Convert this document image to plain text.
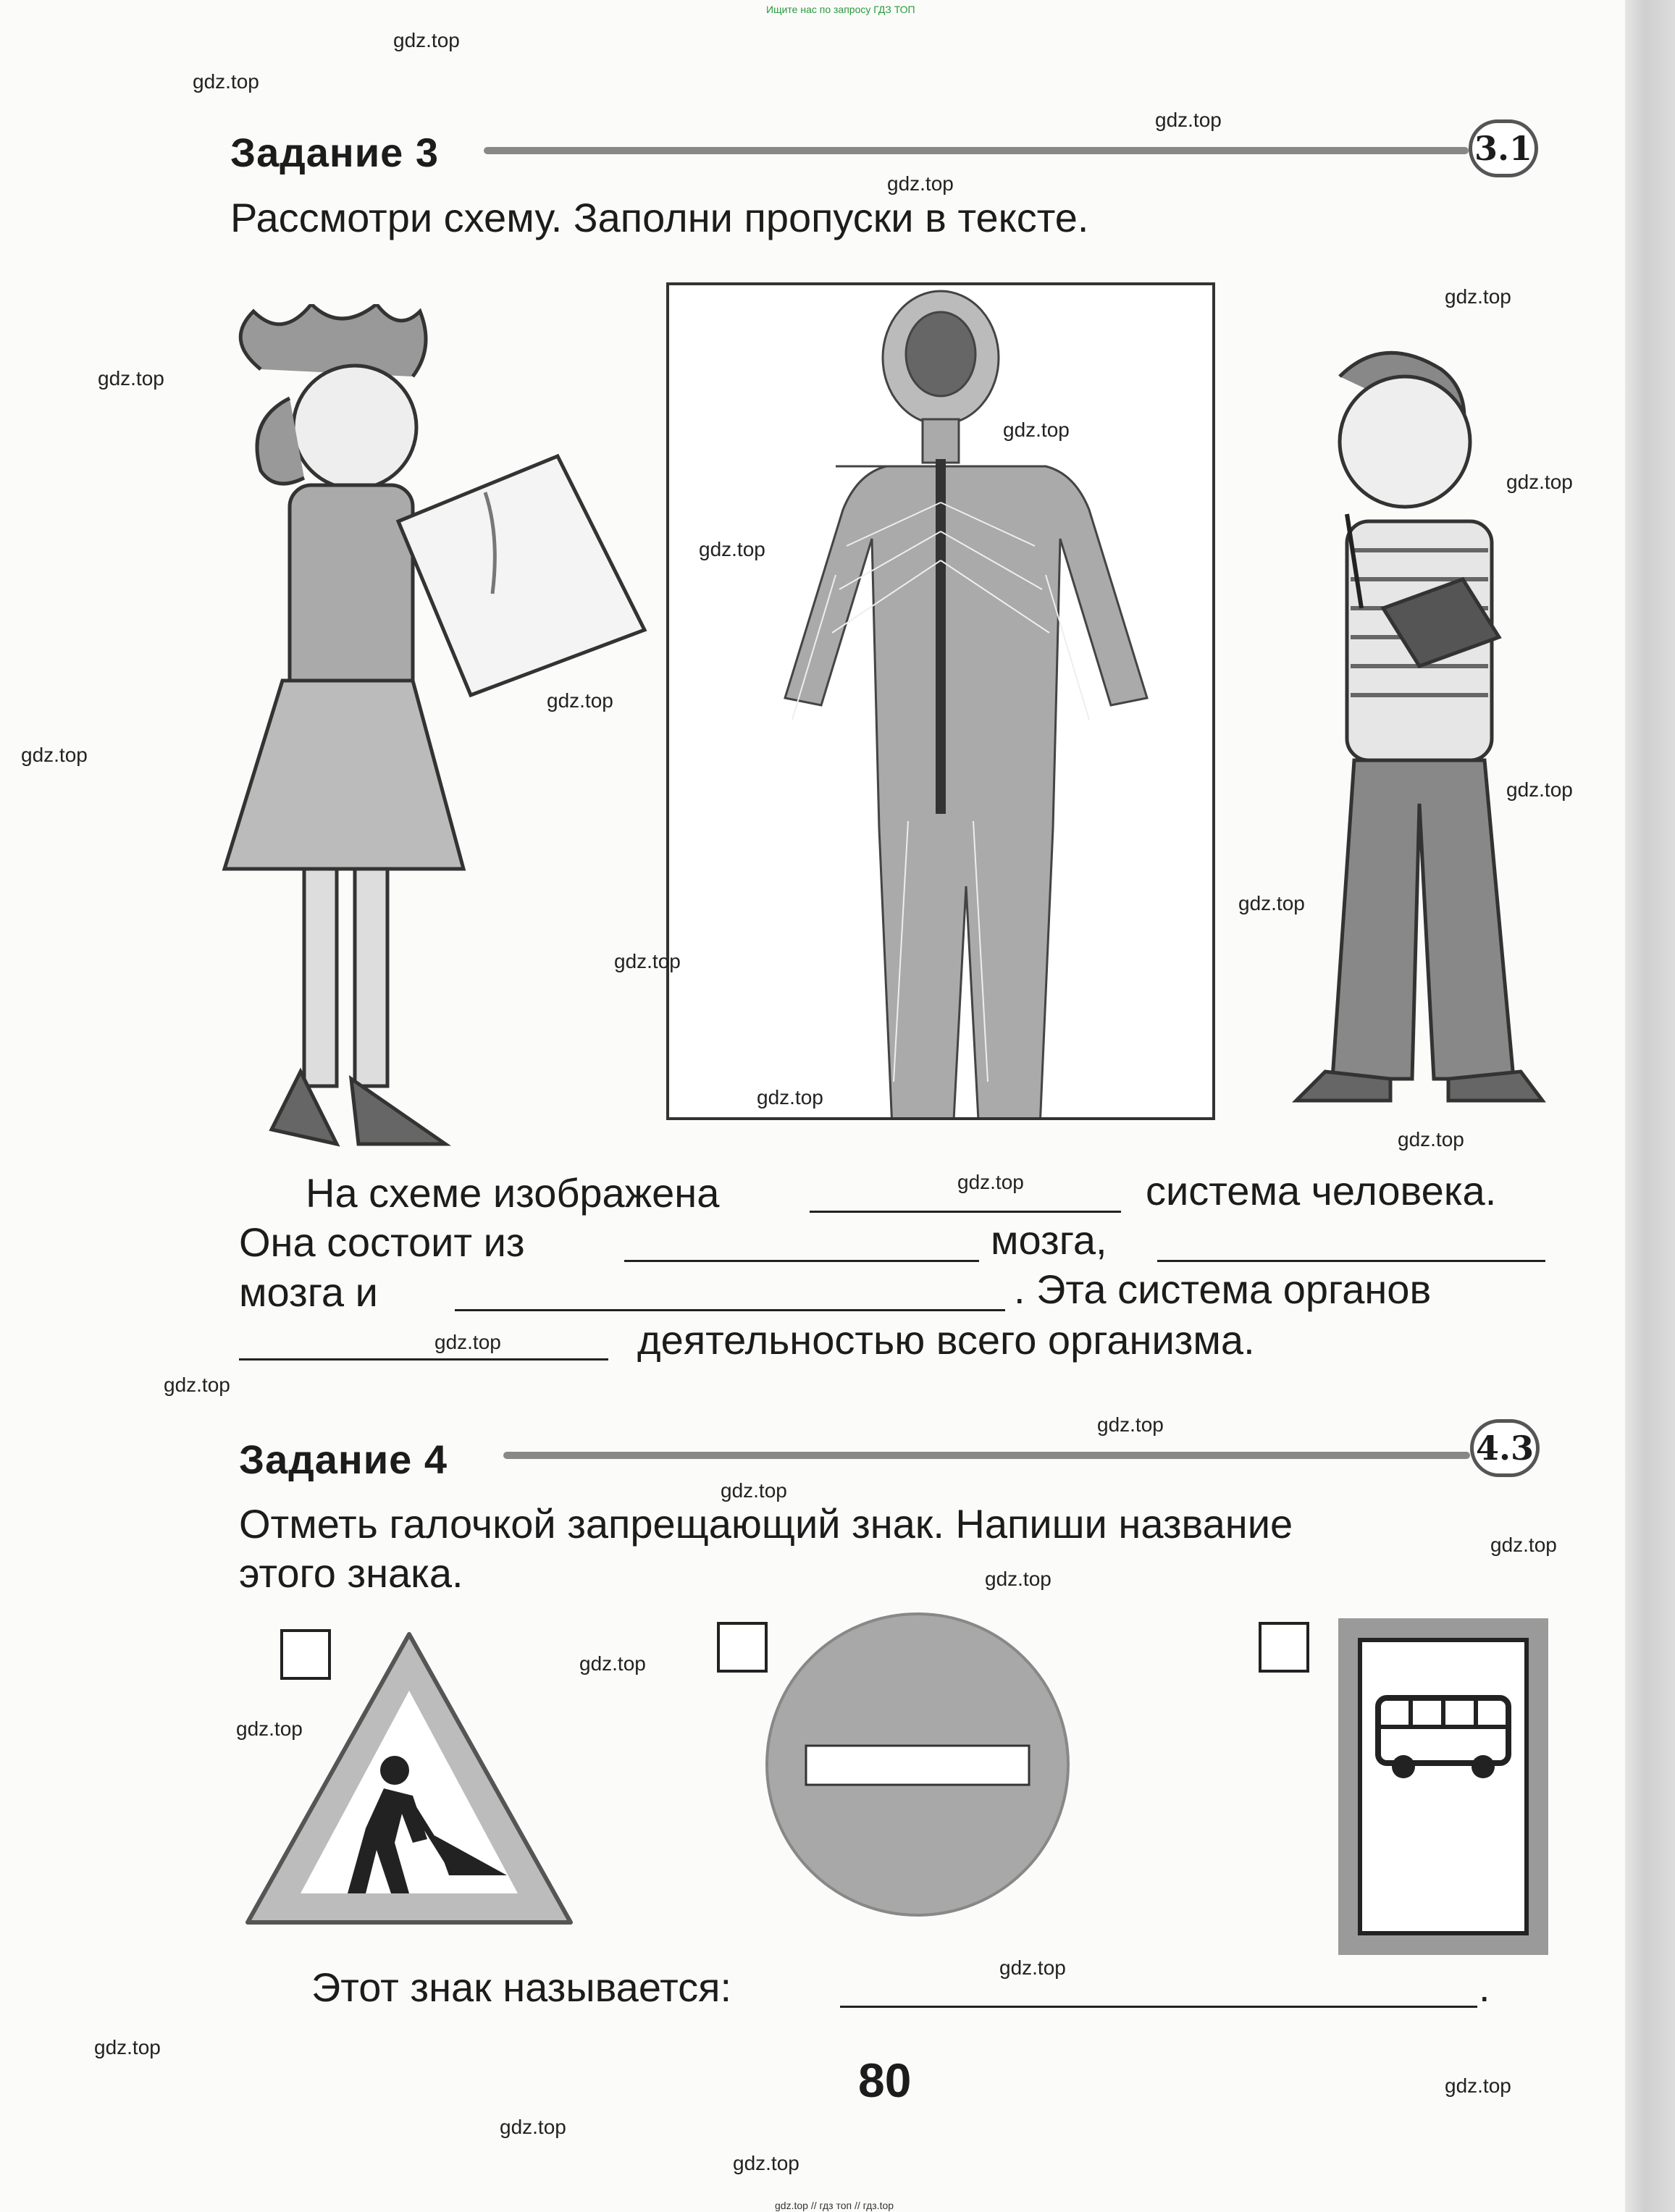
Ищите нас по запросу ГДЗ ТОП
Задание 3	3.1
Рассмотри схему. Заполни пропуски в тексте.
На схеме изображена	система человека.
Она состоит из	мозга,
мозга и	. Эта система органов
деятельностью всего организма.
Задание 4	4.3
Отметь галочкой запрещающий знак. Напиши название
этого знака.
Этот знак называется:	.
80
gdz.top // гдз топ // гдз.top
gdz.top
gdz.top
gdz.top
gdz.top
gdz.top
gdz.top
gdz.top
gdz.top
gdz.top
gdz.top
gdz.top
gdz.top
gdz.top
gdz.top
gdz.top
gdz.top
gdz.top
gdz.top
gdz.top
gdz.top
gdz.top
gdz.top
gdz.top
gdz.top
gdz.top
gdz.top
gdz.top
gdz.top
gdz.top
gdz.top
